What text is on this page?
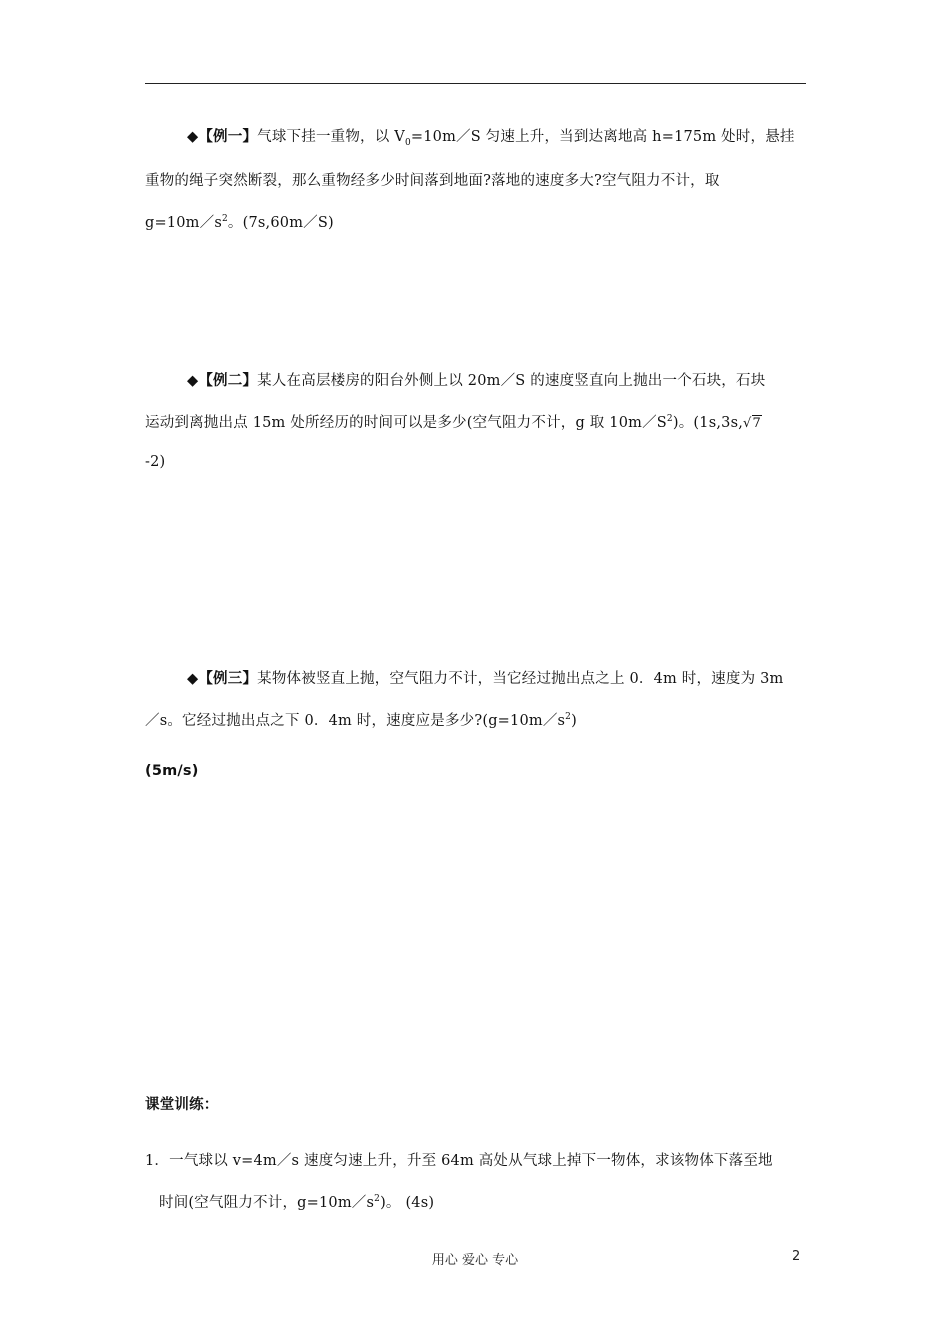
◆【例一】气球下挂一重物，以 $V_0=10m/S$ 匀速上升，当到达离地高 h=175m 处时，悬挂

重物的绳子突然断裂，那么重物经多少时间落到地面?落地的速度多大?空气阻力不计，取

$g=10m/s^2$。(7s,60m／S)

◆【例二】某人在高层楼房的阳台外侧上以 20m／S 的速度竖直向上抛出一个石块，石块

运动到离抛出点 15m 处所经历的时间可以是多少(空气阻力不计，g 取 $10m/S^2$)。(1s,3s,√7

-2)

◆【例三】某物体被竖直上抛，空气阻力不计，当它经过抛出点之上 0．4m 时，速度为 3m

／s。它经过抛出点之下 0．4m 时，速度应是多少$?(g=10m/s^2)$

(5m/s)

课堂训练：

1．一气球以 v=4m／s 速度匀速上升，升至 64m 高处从气球上掉下一物体，求该物体下落至地

时间(空气阻力不计，$g=10m/s^2$)。 (4s)

用心 爱心 专心	2
